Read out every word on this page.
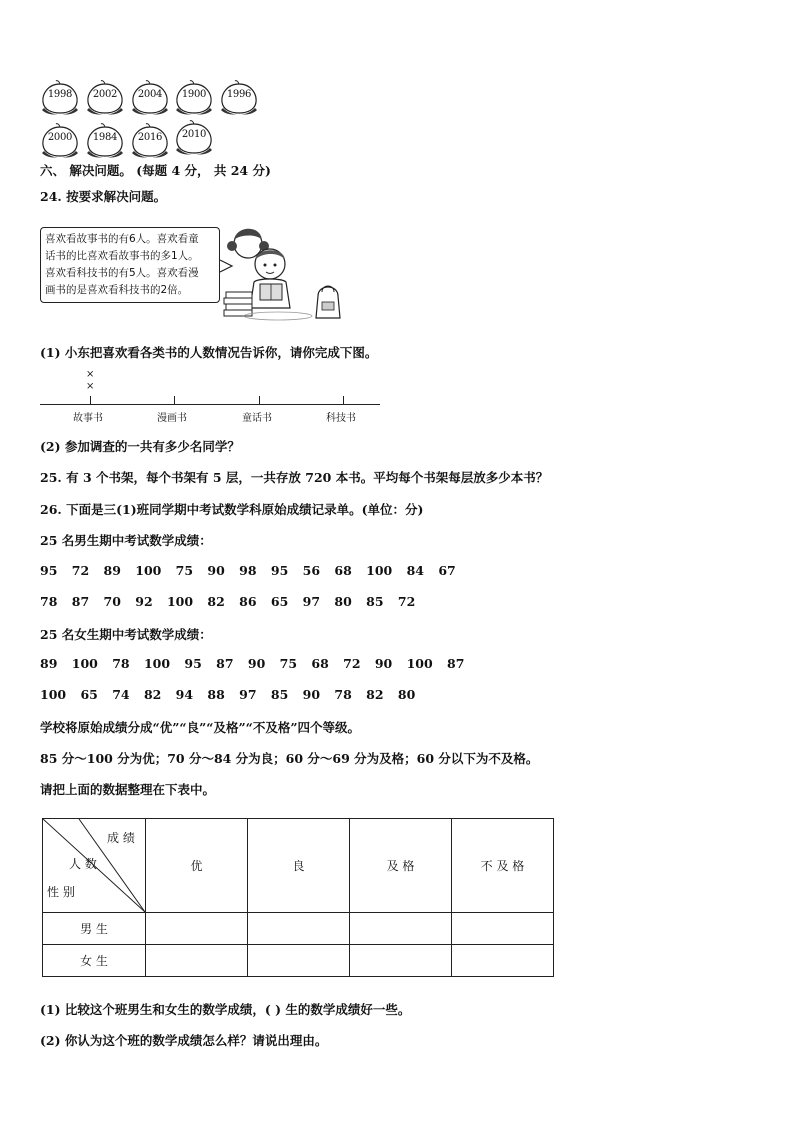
1998	2002	2004	1900	1996
2000	1984	2016	2010
六、 解决问题。 (每题 4 分， 共 24 分)
24. 按要求解决问题。
喜欢看故事书的有6人。喜欢看童
话书的比喜欢看故事书的多1人。
喜欢看科技书的有5人。喜欢看漫
画书的是喜欢看科技书的2倍。
(1) 小东把喜欢看各类书的人数情况告诉你，请你完成下图。
×
×
故事书	漫画书	童话书	科技书
(2) 参加调查的一共有多少名同学？
25. 有 3 个书架，每个书架有 5 层，一共存放 720 本书。平均每个书架每层放多少本书？
26. 下面是三(1)班同学期中考试数学科原始成绩记录单。(单位：分)
25 名男生期中考试数学成绩：
95 72 89 100 75 90 98 95 56 68 100 84 67
78 87 70 92 100 82 86 65 97 80 85 72
25 名女生期中考试数学成绩：
89 100 78 100 95 87 90 75 68 72 90 100 87
100 65 74 82 94 88 97 85 90 78 82 80
学校将原始成绩分成“优”“良”“及格”“不及格”四个等级。
85 分～100 分为优；70 分～84 分为良；60 分～69 分为及格；60 分以下为不及格。
请把上面的数据整理在下表中。
成 绩
人 数
性 别	优	良	及 格	不 及 格
男 生				
女 生				
(1) 比较这个班男生和女生的数学成绩，( ) 生的数学成绩好一些。
(2) 你认为这个班的数学成绩怎么样？请说出理由。
